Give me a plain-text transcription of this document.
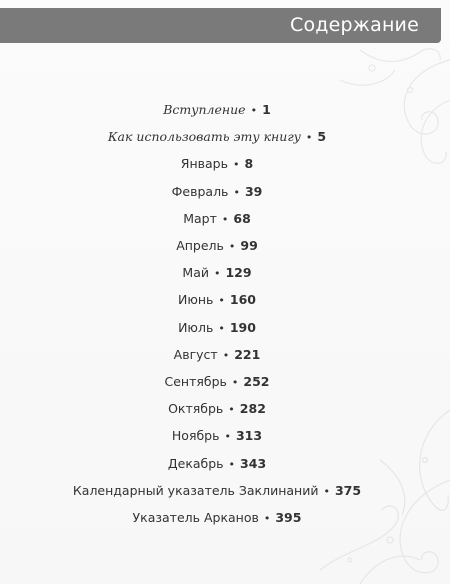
Содержание
Вступление • 1
Как использовать эту книгу • 5
Январь • 8
Февраль • 39
Март • 68
Апрель • 99
Май • 129
Июнь • 160
Июль • 190
Август • 221
Сентябрь • 252
Октябрь • 282
Ноябрь • 313
Декабрь • 343
Календарный указатель Заклинаний • 375
Указатель Арканов • 395
